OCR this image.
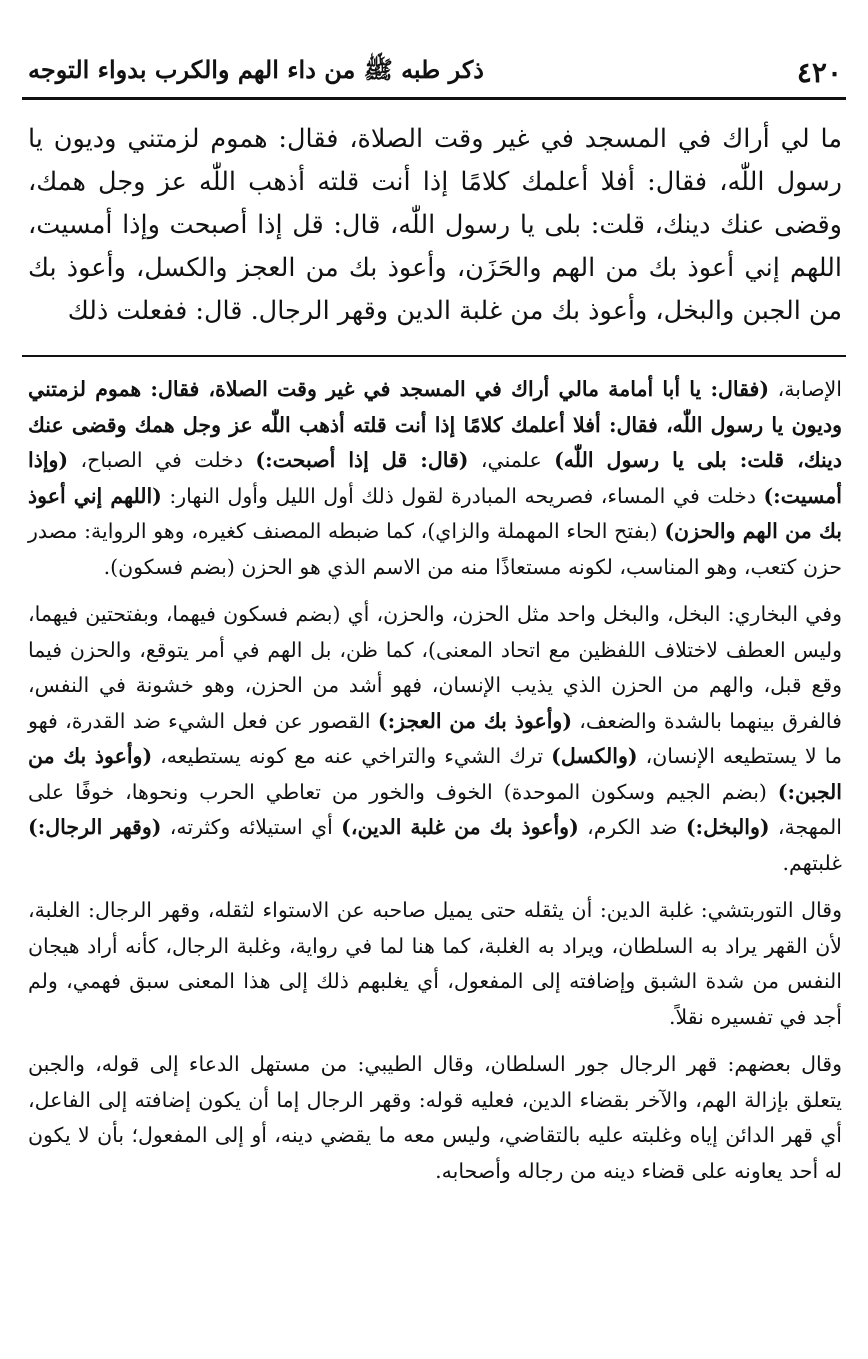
٤٢٠
ذكر طبه ﷺ من داء الهم والكرب بدواء التوجه

ما لي أراك في المسجد في غير وقت الصلاة، فقال: هموم لزمتني وديون يا رسول اللّٰه، فقال: أفلا أعلمك كلامًا إذا أنت قلته أذهب اللّٰه عز وجل همك، وقضى عنك دينك، قلت: بلى يا رسول اللّٰه، قال: قل إذا أصبحت وإذا أمسيت، اللهم إني أعوذ بك من الهم والحَزَن، وأعوذ بك من العجز والكسل، وأعوذ بك من الجبن والبخل، وأعوذ بك من غلبة الدين وقهر الرجال. قال: ففعلت ذلك

الإصابة، (فقال: يا أبا أمامة مالي أراك في المسجد في غير وقت الصلاة، فقال: هموم لزمتني وديون يا رسول اللّٰه، فقال: أفلا أعلمك كلامًا إذا أنت قلته أذهب اللّٰه عز وجل همك وقضى عنك دينك، قلت: بلى يا رسول اللّٰه) علمني، (قال: قل إذا أصبحت:) دخلت في الصباح، (وإذا أمسيت:) دخلت في المساء، فصريحه المبادرة لقول ذلك أول الليل وأول النهار: (اللهم إني أعوذ بك من الهم والحزن) (بفتح الحاء المهملة والزاي)، كما ضبطه المصنف كغيره، وهو الرواية: مصدر حزن كتعب، وهو المناسب، لكونه مستعاذًا منه من الاسم الذي هو الحزن (بضم فسكون).

وفي البخاري: البخل، والبخل واحد مثل الحزن، والحزن، أي (بضم فسكون فيهما، وبفتحتين فيهما، وليس العطف لاختلاف اللفظين مع اتحاد المعنى)، كما ظن، بل الهم في أمر يتوقع، والحزن فيما وقع قبل، والهم من الحزن الذي يذيب الإنسان، فهو أشد من الحزن، وهو خشونة في النفس، فالفرق بينهما بالشدة والضعف، (وأعوذ بك من العجز:) القصور عن فعل الشيء ضد القدرة، فهو ما لا يستطيعه الإنسان، (والكسل) ترك الشيء والتراخي عنه مع كونه يستطيعه، (وأعوذ بك من الجبن:) (بضم الجيم وسكون الموحدة) الخوف والخور من تعاطي الحرب ونحوها، خوفًا على المهجة، (والبخل:) ضد الكرم، (وأعوذ بك من غلبة الدين،) أي استيلائه وكثرته، (وقهر الرجال:) غلبتهم.

وقال التوربتشي: غلبة الدين: أن يثقله حتى يميل صاحبه عن الاستواء لثقله، وقهر الرجال: الغلبة، لأن القهر يراد به السلطان، ويراد به الغلبة، كما هنا لما في رواية، وغلبة الرجال، كأنه أراد هيجان النفس من شدة الشبق وإضافته إلى المفعول، أي يغلبهم ذلك إلى هذا المعنى سبق فهمي، ولم أجد في تفسيره نقلاً.

وقال بعضهم: قهر الرجال جور السلطان، وقال الطيبي: من مستهل الدعاء إلى قوله، والجبن يتعلق بإزالة الهم، والآخر بقضاء الدين، فعليه قوله: وقهر الرجال إما أن يكون إضافته إلى الفاعل، أي قهر الدائن إياه وغلبته عليه بالتقاضي، وليس معه ما يقضي دينه، أو إلى المفعول؛ بأن لا يكون له أحد يعاونه على قضاء دينه من رجاله وأصحابه.
